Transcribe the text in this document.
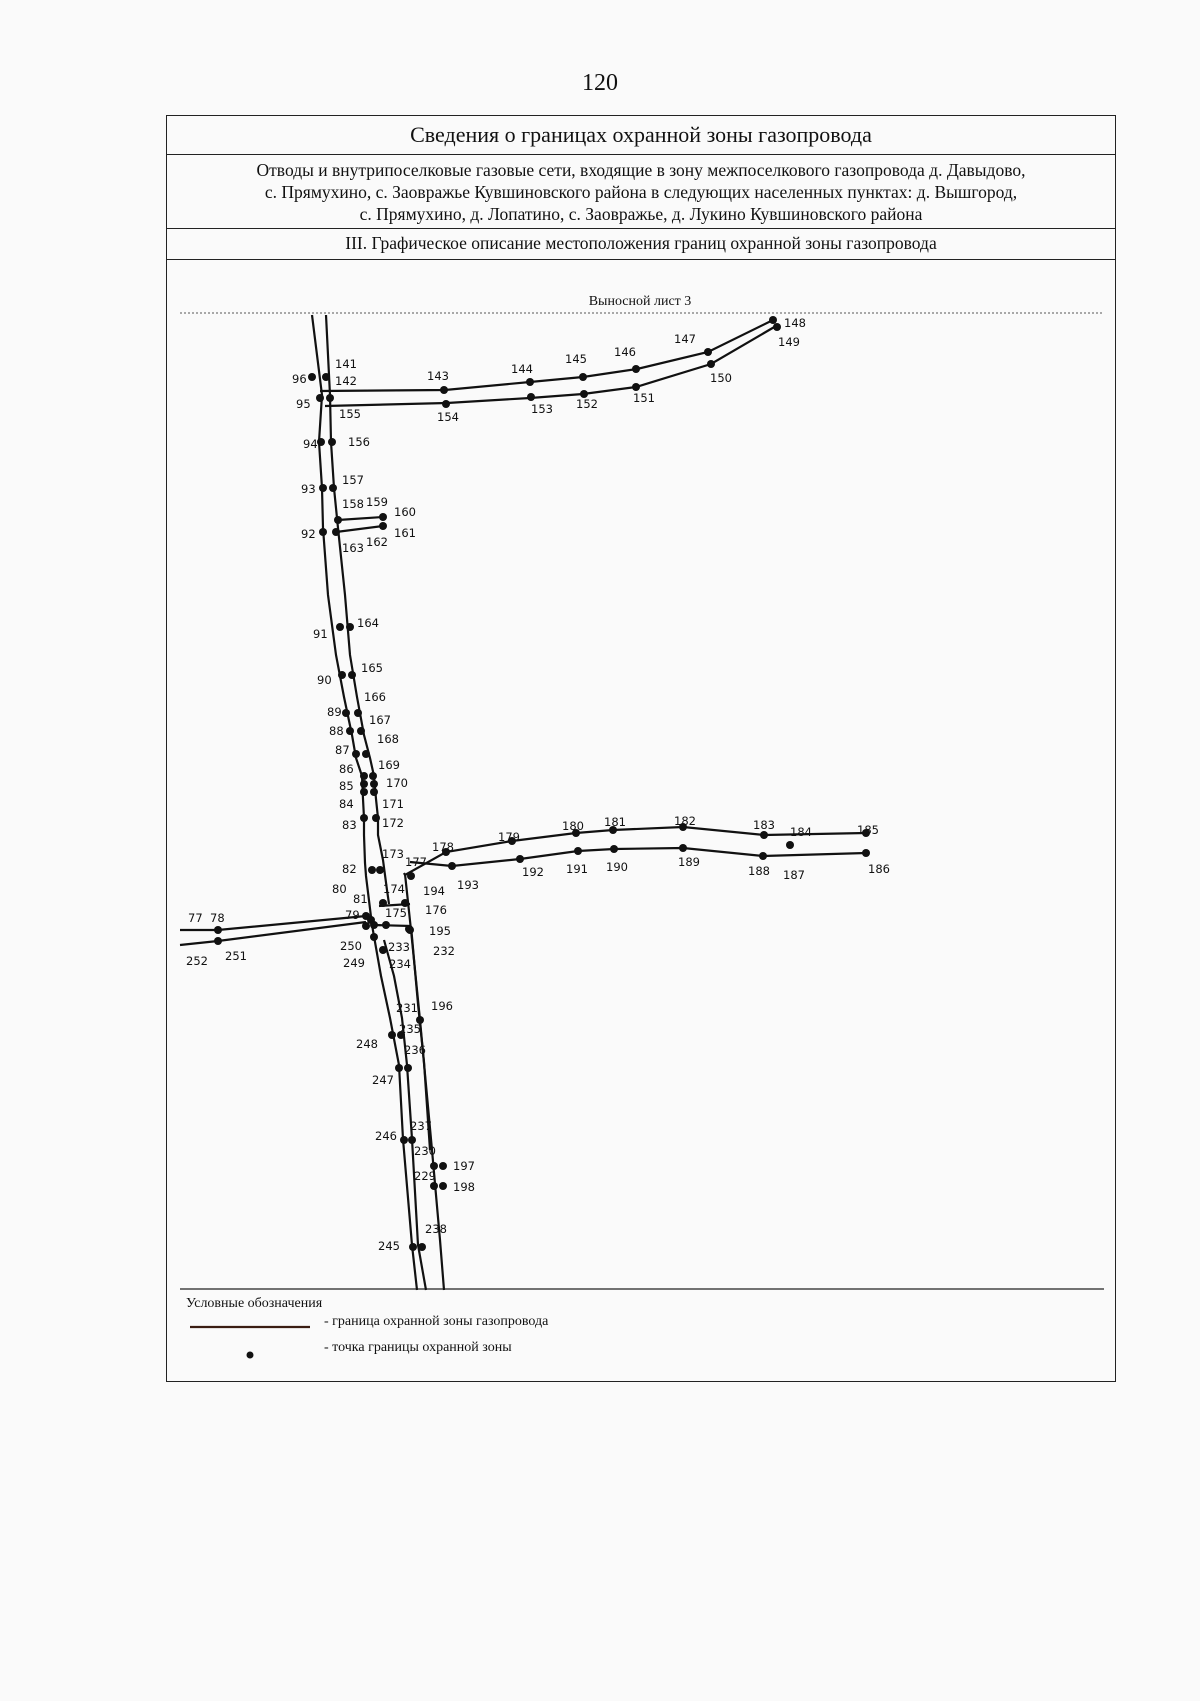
120
Сведения о границах охранной зоны газопровода
Отводы и внутрипоселковые газовые сети, входящие в зону межпоселкового газопровода д. Давыдово,
с. Прямухино, с. Заовражье Кувшиновского района в следующих населенных пунктах: д. Вышгород,
с. Прямухино, д. Лопатино, с. Заовражье, д. Лукино Кувшиновского района
III. Графическое описание местоположения границ охранной зоны газопровода
Выносной лист 3
96
141
142
95
155
94	156
93
157
158 159
160
161
162
163
92
143
154
144
153
145
152
146
151
147
150
148
149
91
164
90
165
166
89
167
88
168
87
169
86
170
85
171
84
172
83
173
177
178
82
80
81
174 194 193
176
79 175
195
232
77 78
252 251
250
249
233
234
231 196
235
236
248
247
237
246
230
229
197
198
238
245
179
192
180
191
181
190
182
189
183 184
188 187
185
186
Условные обозначения
- граница охранной зоны газопровода
- точка границы охранной зоны
